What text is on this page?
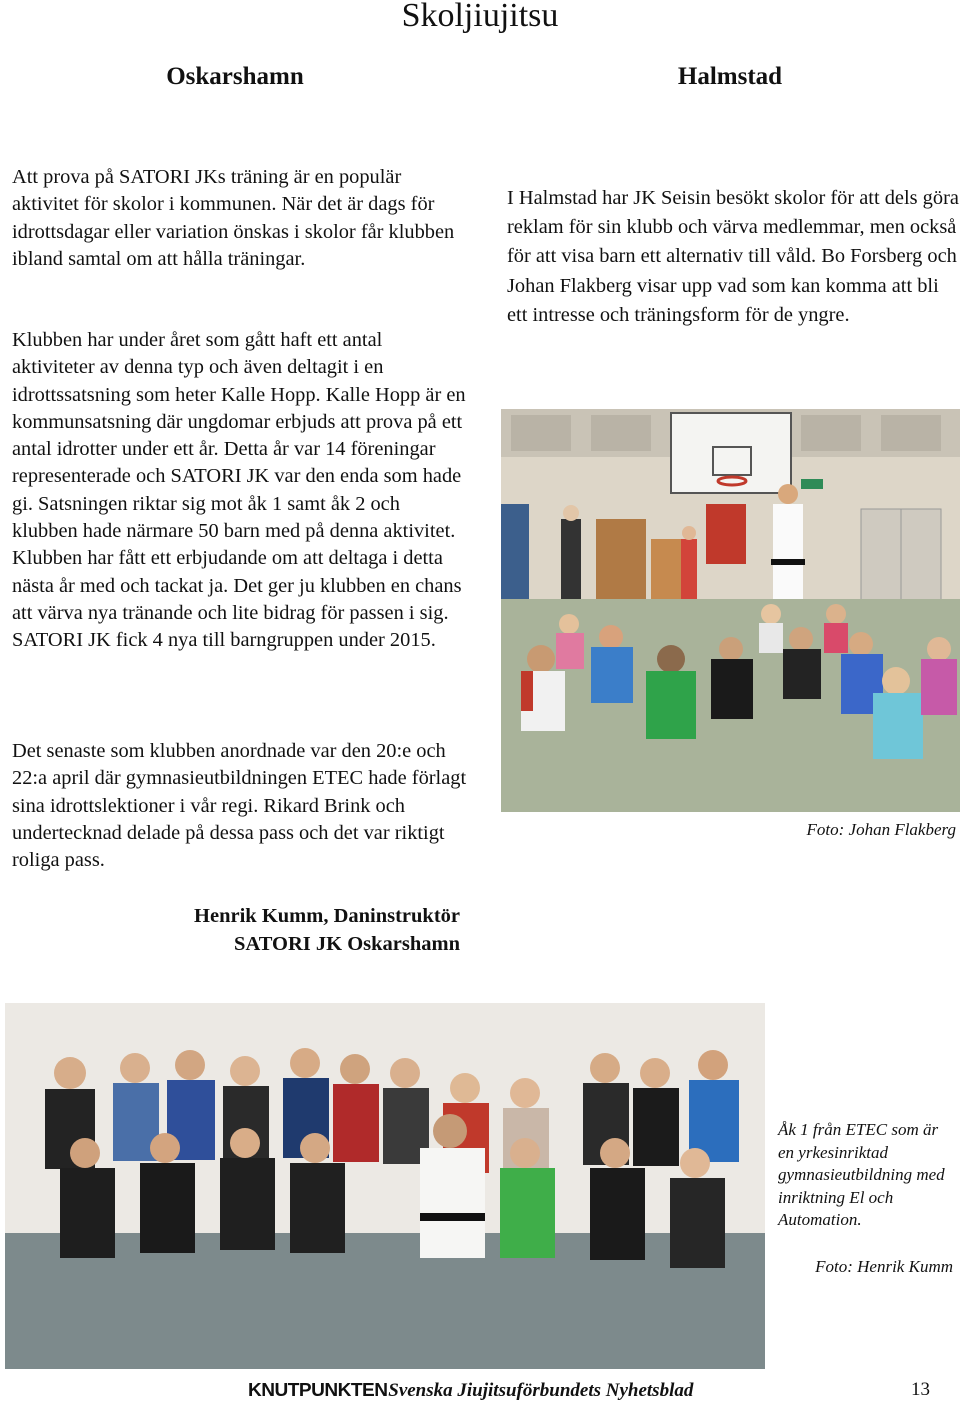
Skoljiujitsu
Oskarshamn	Halmstad

Att prova på SATORI JKs träning är en populär aktivitet för skolor i kommunen. När det är dags för idrottsdagar eller variation önskas i skolor får klubben ibland samtal om att hålla träningar.

Klubben har under året som gått haft ett antal aktiviteter av denna typ och även deltagit i en idrottssatsning som heter Kalle Hopp. Kalle Hopp är en kommunsatsning där ungdomar erbjuds att prova på ett antal idrotter under ett år. Detta år var 14 föreningar representerade och SATORI JK var den enda som hade gi. Satsningen riktar sig mot åk 1 samt åk 2 och klubben hade närmare 50 barn med på denna aktivitet. Klubben har fått ett erbjudande om att deltaga i detta nästa år med och tackat ja. Det ger ju klubben en chans att värva nya tränande och lite bidrag för passen i sig. SATORI JK fick 4 nya till barngruppen under 2015.

Det senaste som klubben anordnade var den 20:e och 22:a april där gymnasieutbildningen ETEC hade förlagt sina idrottslektioner i vår regi. Rikard Brink och undertecknad delade på dessa pass och det var riktigt roliga pass.

Henrik Kumm, Daninstruktör
SATORI JK Oskarshamn

I Halmstad har JK Seisin besökt skolor för att dels göra reklam för sin klubb och värva medlemmar, men också för att visa barn ett alternativ till våld. Bo Forsberg och Johan Flakberg visar upp vad som kan komma att bli ett intresse och träningsform för de yngre.

Foto: Johan Flakberg
Åk 1 från ETEC som är en yrkesinriktad gymnasieutbildning med inriktning El och Automation.
Foto: Henrik Kumm
KNUTPUNKTEN Svenska Jiujitsuförbundets Nyhetsblad	13
